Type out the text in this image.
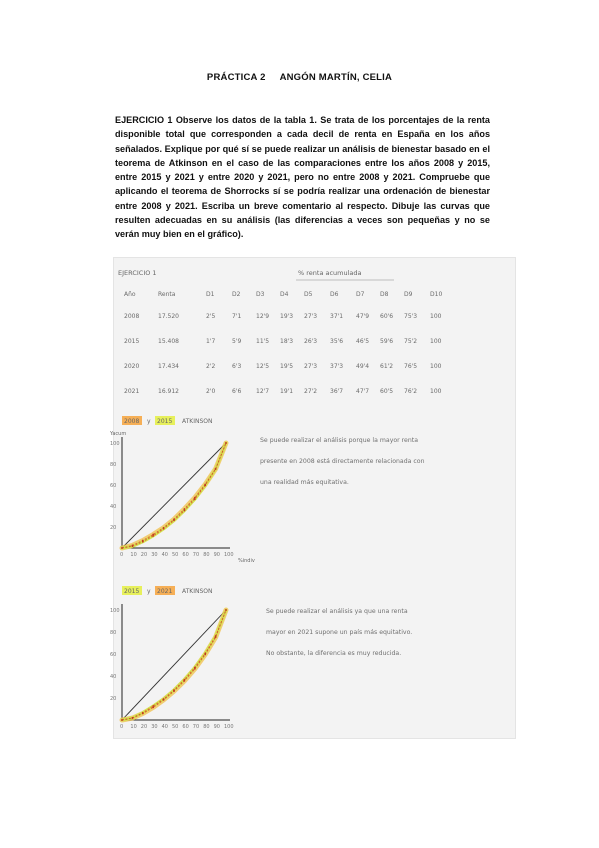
PRÁCTICA 2 ANGÓN MARTÍN, CELIA
EJERCICIO 1 Observe los datos de la tabla 1. Se trata de los porcentajes de la renta disponible total que corresponden a cada decil de renta en España en los años señalados. Explique por qué sí se puede realizar un análisis de bienestar basado en el teorema de Atkinson en el caso de las comparaciones entre los años 2008 y 2015, entre 2015 y 2021 y entre 2020 y 2021, pero no entre 2008 y 2021. Compruebe que aplicando el teorema de Shorrocks sí se podría realizar una ordenación de bienestar entre 2008 y 2021. Escriba un breve comentario al respecto. Dibuje las curvas que resulten adecuadas en su análisis (las diferencias a veces son pequeñas y no se verán muy bien en el gráfico).
EJERCICIO 1	% renta acumulada
Año	Renta	D1	D2	D3	D4	D5	D6	D7	D8	D9	D10
2008	17.520	2'5	7'1 12'9 19'3 27'3 37'1 47'9 60'6 75'3 100
2015	15.408	1'7	5'9 11'5 18'3 26'3 35'6 46'5 59'6 75'2 100
2020	17.434	2'2	6'3 12'5 19'5 27'3 37'3 49'4 61'2 76'5 100
2021	16.912	2'0	6'6 12'7 19'1 27'2 36'7 47'7 60'5 76'2 100
2008 y 2015 ATKINSON
Yacum
%indiv
100
80
60
40
20
0 10 20 30 40 50 60 70 80 90 100
Se puede realizar el análisis porque la mayor renta
presente en 2008 está directamente relacionada con
una realidad más equitativa.
2015 y 2021 ATKINSON
100
80
60
40
20
0 10 20 30 40 50 60 70 80 90 100
Se puede realizar el análisis ya que una renta
mayor en 2021 supone un país más equitativo.
No obstante, la diferencia es muy reducida.
